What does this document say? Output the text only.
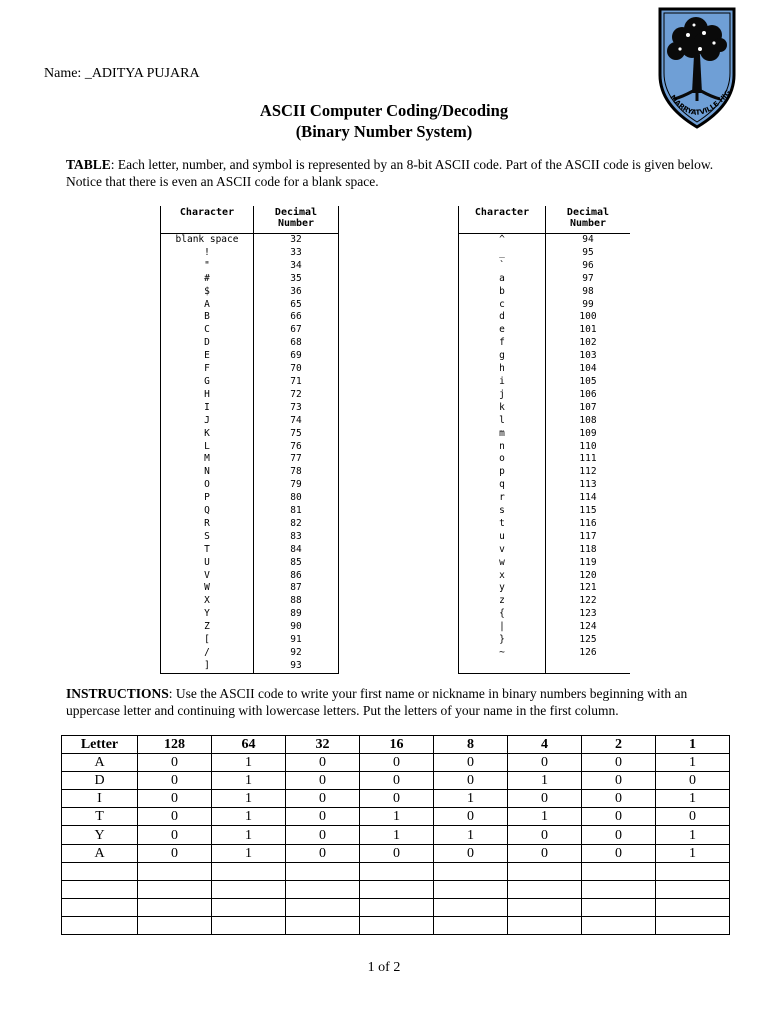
Name: _ADITYA PUJARA
ASCII Computer Coding/Decoding
(Binary Number System)
MARRYATVILLE HIG
TABLE: Each letter, number, and symbol is represented by an 8-bit ASCII code. Part of the ASCII code is given below. Notice that there is even an ASCII code for a blank space.
Character	Decimal
Number
blank space	32
!	33
"	34
#	35
$	36
A	65
B	66
C	67
D	68
E	69
F	70
G	71
H	72
I	73
J	74
K	75
L	76
M	77
N	78
O	79
P	80
Q	81
R	82
S	83
T	84
U	85
V	86
W	87
X	88
Y	89
Z	90
[	91
/	92
]	93
Character	Decimal
Number
^	94
_	95
`	96
a	97
b	98
c	99
d	100
e	101
f	102
g	103
h	104
i	105
j	106
k	107
l	108
m	109
n	110
o	111
p	112
q	113
r	114
s	115
t	116
u	117
v	118
w	119
x	120
y	121
z	122
{	123
|	124
}	125
~	126

INSTRUCTIONS: Use the ASCII code to write your first name or nickname in binary numbers beginning with an uppercase letter and continuing with lowercase letters. Put the letters of your name in the first column.
Letter	128	64	32	16	8	4	2	1
A	0	1	0	0	0	0	0	1
D	0	1	0	0	0	1	0	0
I	0	1	0	0	1	0	0	1
T	0	1	0	1	0	1	0	0
Y	0	1	0	1	1	0	0	1
A	0	1	0	0	0	0	0	1

1 of 2
